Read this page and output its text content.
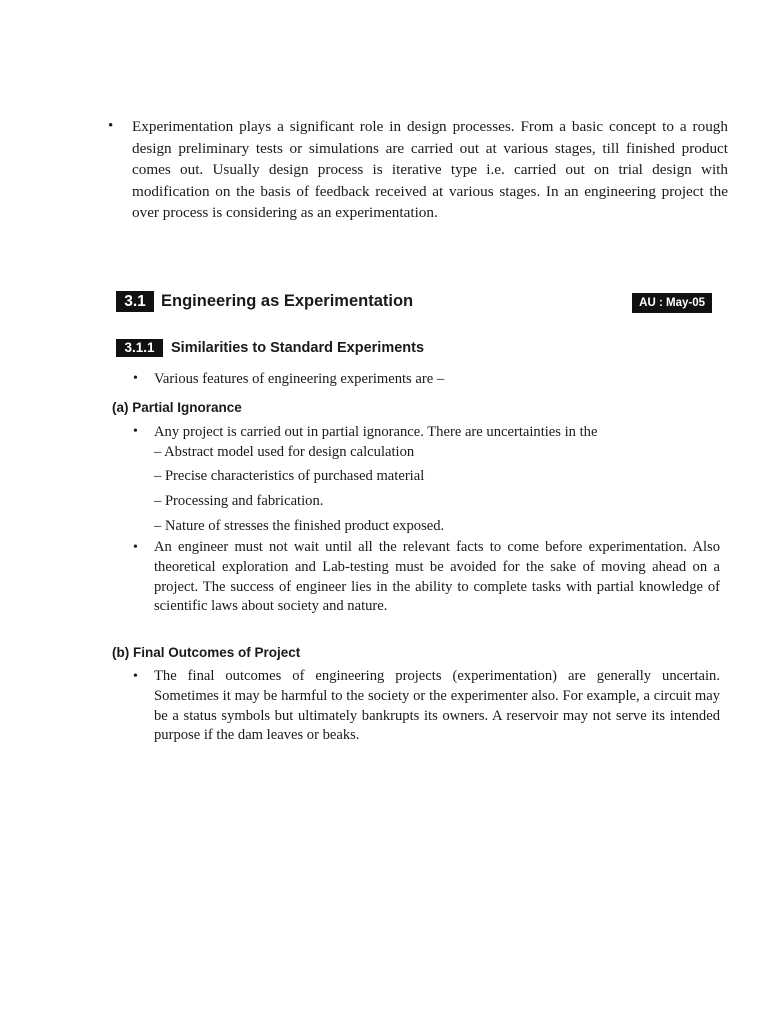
• Experimentation plays a significant role in design processes. From a basic concept to a rough design preliminary tests or simulations are carried out at various stages, till finished product comes out. Usually design process is iterative type i.e. carried out on trial design with modification on the basis of feedback received at various stages. In an engineering project the over process is considering as an experimentation.
3.1 Engineering as Experimentation	AU : May-05
3.1.1	Similarities to Standard Experiments
• Various features of engineering experiments are –
(a) Partial Ignorance
• Any project is carried out in partial ignorance. There are uncertainties in the
– Abstract model used for design calculation
– Precise characteristics of purchased material
– Processing and fabrication.
– Nature of stresses the finished product exposed.
• An engineer must not wait until all the relevant facts to come before experimentation. Also theoretical exploration and Lab-testing must be avoided for the sake of moving ahead on a project. The success of engineer lies in the ability to complete tasks with partial knowledge of scientific laws about society and nature.
(b) Final Outcomes of Project
• The final outcomes of engineering projects (experimentation) are generally uncertain. Sometimes it may be harmful to the society or the experimenter also. For example, a circuit may be a status symbols but ultimately bankrupts its owners. A reservoir may not serve its intended purpose if the dam leaves or beaks.
